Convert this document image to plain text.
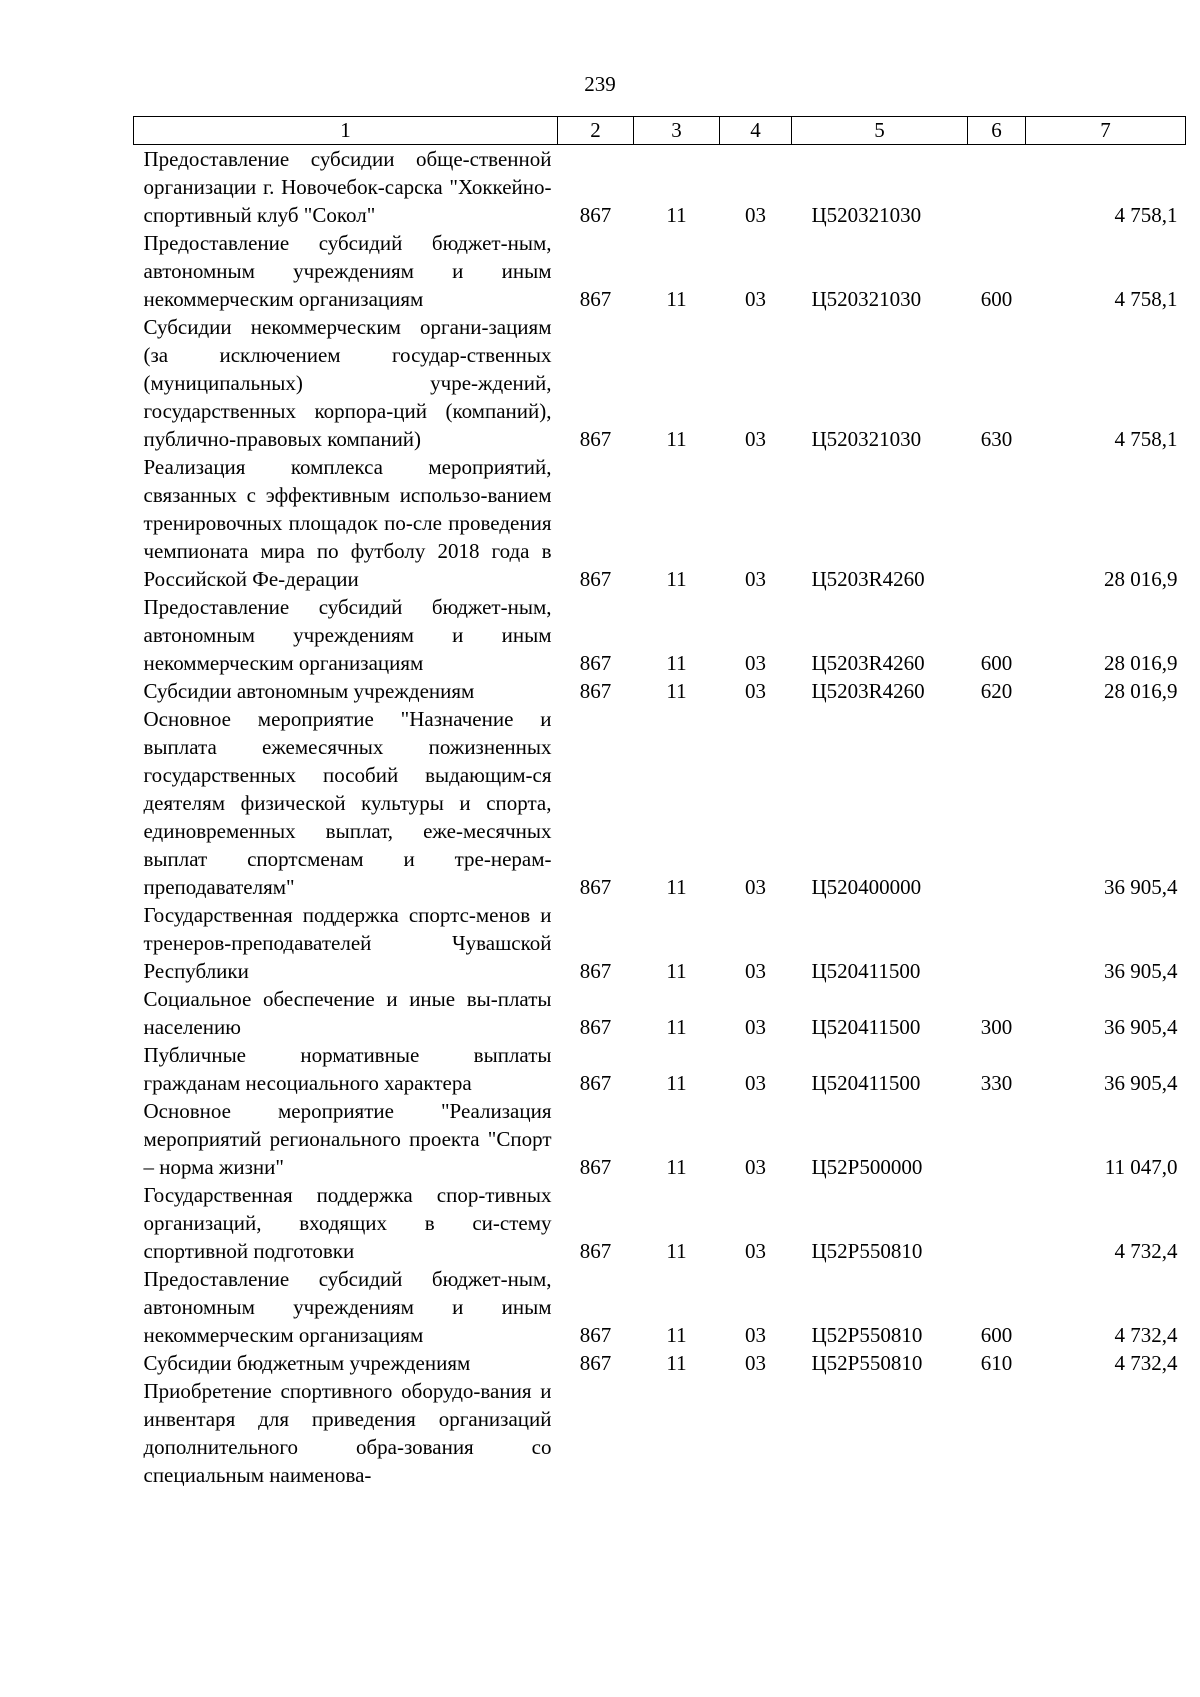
239
1	2	3	4	5	6	7
Предоставление субсидии обще-ственной организации г. Новочебок-сарска "Хоккейно-спортивный клуб "Сокол"	867	11	03	Ц520321030		4 758,1
Предоставление субсидий бюджет-ным, автономным учреждениям и иным некоммерческим организациям	867	11	03	Ц520321030	600	4 758,1
Субсидии некоммерческим органи-зациям (за исключением государ-ственных (муниципальных) учре-ждений, государственных корпора-ций (компаний), публично-правовых компаний)	867	11	03	Ц520321030	630	4 758,1
Реализация комплекса мероприятий, связанных с эффективным использо-ванием тренировочных площадок по-сле проведения чемпионата мира по футболу 2018 года в Российской Фе-дерации	867	11	03	Ц5203R4260		28 016,9
Предоставление субсидий бюджет-ным, автономным учреждениям и иным некоммерческим организациям	867	11	03	Ц5203R4260	600	28 016,9
Субсидии автономным учреждениям	867	11	03	Ц5203R4260	620	28 016,9
Основное мероприятие "Назначение и выплата ежемесячных пожизненных государственных пособий выдающим-ся деятелям физической культуры и спорта, единовременных выплат, еже-месячных выплат спортсменам и тре-нерам-преподавателям"	867	11	03	Ц520400000		36 905,4
Государственная поддержка спортс-менов и тренеров-преподавателей Чувашской Республики	867	11	03	Ц520411500		36 905,4
Социальное обеспечение и иные вы-платы населению	867	11	03	Ц520411500	300	36 905,4
Публичные нормативные выплаты гражданам несоциального характера	867	11	03	Ц520411500	330	36 905,4
Основное мероприятие "Реализация мероприятий регионального проекта "Спорт – норма жизни"	867	11	03	Ц52P500000		11 047,0
Государственная поддержка спор-тивных организаций, входящих в си-стему спортивной подготовки	867	11	03	Ц52P550810		4 732,4
Предоставление субсидий бюджет-ным, автономным учреждениям и иным некоммерческим организациям	867	11	03	Ц52P550810	600	4 732,4
Субсидии бюджетным учреждениям	867	11	03	Ц52P550810	610	4 732,4
Приобретение спортивного оборудо-вания и инвентаря для приведения организаций дополнительного обра-зования со специальным наименова-						
